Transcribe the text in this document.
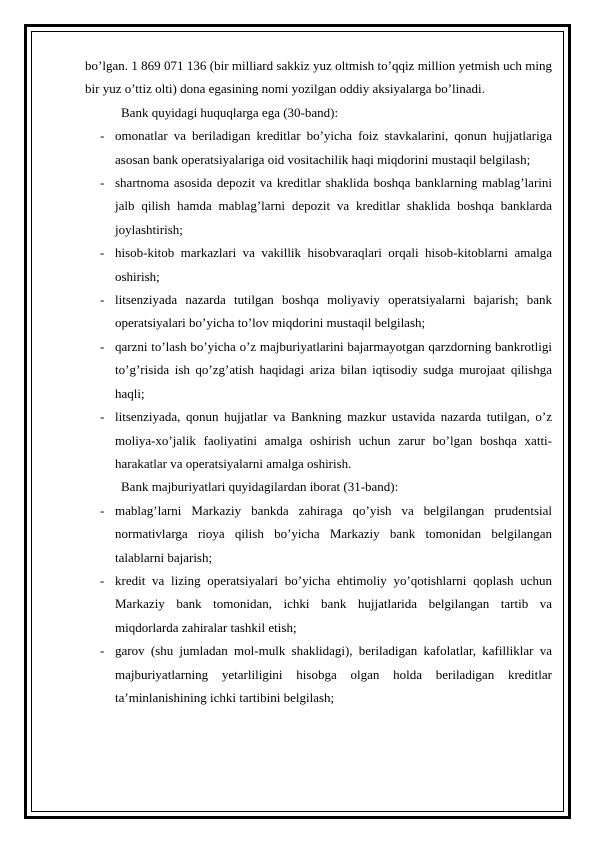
bo’lgan. 1 869 071 136 (bir milliard sakkiz yuz oltmish to’qqiz million yetmish uch ming bir yuz o’ttiz olti) dona egasining nomi yozilgan oddiy aksiyalarga bo’linadi.

Bank quyidagi huquqlarga ega (30-band):

- omonatlar va beriladigan kreditlar bo’yicha foiz stavkalarini, qonun hujjatlariga asosan bank operatsiyalariga oid vositachilik haqi miqdorini mustaqil belgilash;

- shartnoma asosida depozit va kreditlar shaklida boshqa banklarning mablag’larini jalb qilish hamda mablag’larni depozit va kreditlar shaklida boshqa banklarda joylashtirish;

- hisob-kitob markazlari va vakillik hisobvaraqlari orqali hisob-kitoblarni amalga oshirish;

- litsenziyada nazarda tutilgan boshqa moliyaviy operatsiyalarni bajarish; bank operatsiyalari bo’yicha to’lov miqdorini mustaqil belgilash;

- qarzni to’lash bo’yicha o’z majburiyatlarini bajarmayotgan qarzdorning bankrotligi to’g’risida ish qo’zg’atish haqidagi ariza bilan iqtisodiy sudga murojaat qilishga haqli;

- litsenziyada, qonun hujjatlar va Bankning mazkur ustavida nazarda tutilgan, o’z moliya-xo’jalik faoliyatini amalga oshirish uchun zarur bo’lgan boshqa xatti-harakatlar va operatsiyalarni amalga oshirish.

Bank majburiyatlari quyidagilardan iborat (31-band):

- mablag’larni Markaziy bankda zahiraga qo’yish va belgilangan prudentsial normativlarga rioya qilish bo’yicha Markaziy bank tomonidan belgilangan talablarni bajarish;

- kredit va lizing operatsiyalari bo’yicha ehtimoliy yo’qotishlarni qoplash uchun Markaziy bank tomonidan, ichki bank hujjatlarida belgilangan tartib va miqdorlarda zahiralar tashkil etish;

- garov (shu jumladan mol-mulk shaklidagi), beriladigan kafolatlar, kafilliklar va majburiyatlarning yetarliligini hisobga olgan holda beriladigan kreditlar ta’minlanishining ichki tartibini belgilash;
